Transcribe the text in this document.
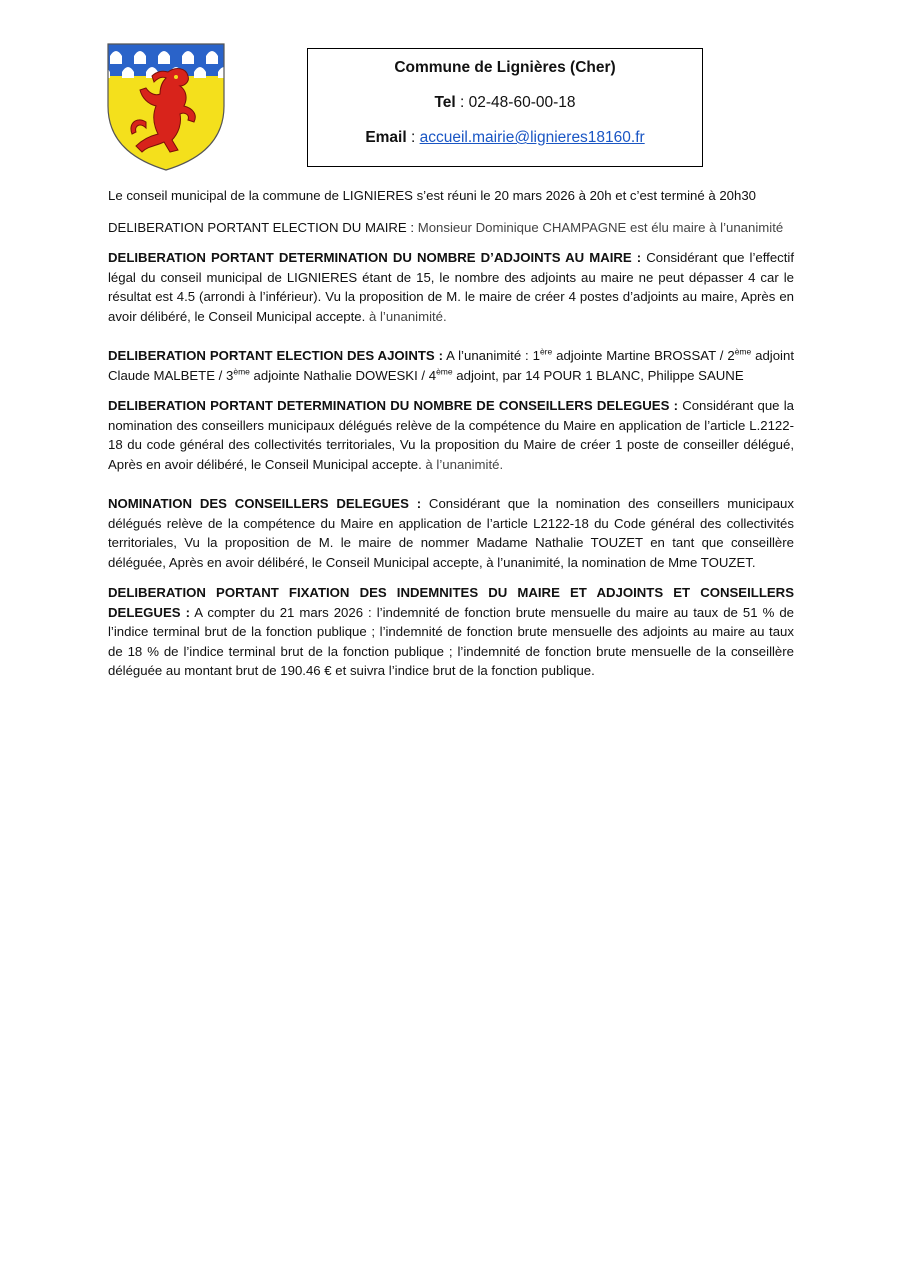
Commune de Lignières (Cher)
Tel : 02-48-60-00-18
Email : accueil.mairie@lignieres18160.fr

Le conseil municipal de la commune de LIGNIERES s’est réuni le 20 mars 2026 à 20h et c’est terminé à 20h30

DELIBERATION PORTANT ELECTION DU MAIRE : Monsieur Dominique CHAMPAGNE est élu maire à l’unanimité

DELIBERATION PORTANT DETERMINATION DU NOMBRE D’ADJOINTS AU MAIRE : Considérant que l’effectif légal du conseil municipal de LIGNIERES étant de 15, le nombre des adjoints au maire ne peut dépasser 4 car le résultat est 4.5 (arrondi à l’inférieur). Vu la proposition de M. le maire de créer 4 postes d’adjoints au maire, Après en avoir délibéré, le Conseil Municipal accepte. à l’unanimité.

DELIBERATION PORTANT ELECTION DES AJOINTS : A l’unanimité : 1ère adjointe Martine BROSSAT / 2ème adjoint Claude MALBETE / 3ème adjointe Nathalie DOWESKI / 4ème adjoint, par 14 POUR 1 BLANC, Philippe SAUNE

DELIBERATION PORTANT DETERMINATION DU NOMBRE DE CONSEILLERS DELEGUES : Considérant que la nomination des conseillers municipaux délégués relève de la compétence du Maire en application de l’article L.2122-18 du code général des collectivités territoriales, Vu la proposition du Maire de créer 1 poste de conseiller délégué, Après en avoir délibéré, le Conseil Municipal accepte. à l’unanimité.

NOMINATION DES CONSEILLERS DELEGUES : Considérant que la nomination des conseillers municipaux délégués relève de la compétence du Maire en application de l’article L2122-18 du Code général des collectivités territoriales, Vu la proposition de M. le maire de nommer Madame Nathalie TOUZET en tant que conseillère déléguée, Après en avoir délibéré, le Conseil Municipal accepte, à l’unanimité, la nomination de Mme TOUZET.

DELIBERATION PORTANT FIXATION DES INDEMNITES DU MAIRE ET ADJOINTS ET CONSEILLERS DELEGUES : A compter du 21 mars 2026 : l’indemnité de fonction brute mensuelle du maire au taux de 51 % de l’indice terminal brut de la fonction publique ; l’indemnité de fonction brute mensuelle des adjoints au maire au taux de 18 % de l’indice terminal brut de la fonction publique ; l’indemnité de fonction brute mensuelle de la conseillère déléguée au montant brut de 190.46 € et suivra l’indice brut de la fonction publique.
